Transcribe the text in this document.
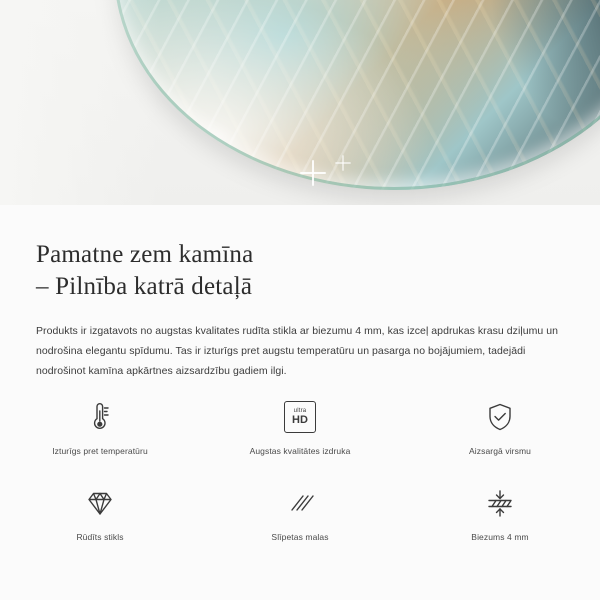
Pamatne zem kamīna
– Pilnība katrā detaļā

Produkts ir izgatavots no augstas kvalitates rudīta stikla ar biezumu 4 mm, kas izceļ apdrukas krasu dziļumu un nodrošina elegantu spīdumu. Tas ir izturīgs pret augstu temperatūru un pasarga no bojājumiem, tadejādi nodrošinot kamīna apkārtnes aizsardzību gadiem ilgi.

Izturīgs pret temperatūru
ultra
HD
Augstas kvalitātes izdruka	Aizsargā virsmu
Rūdīts stikls	Slīpetas malas	Biezums 4 mm
